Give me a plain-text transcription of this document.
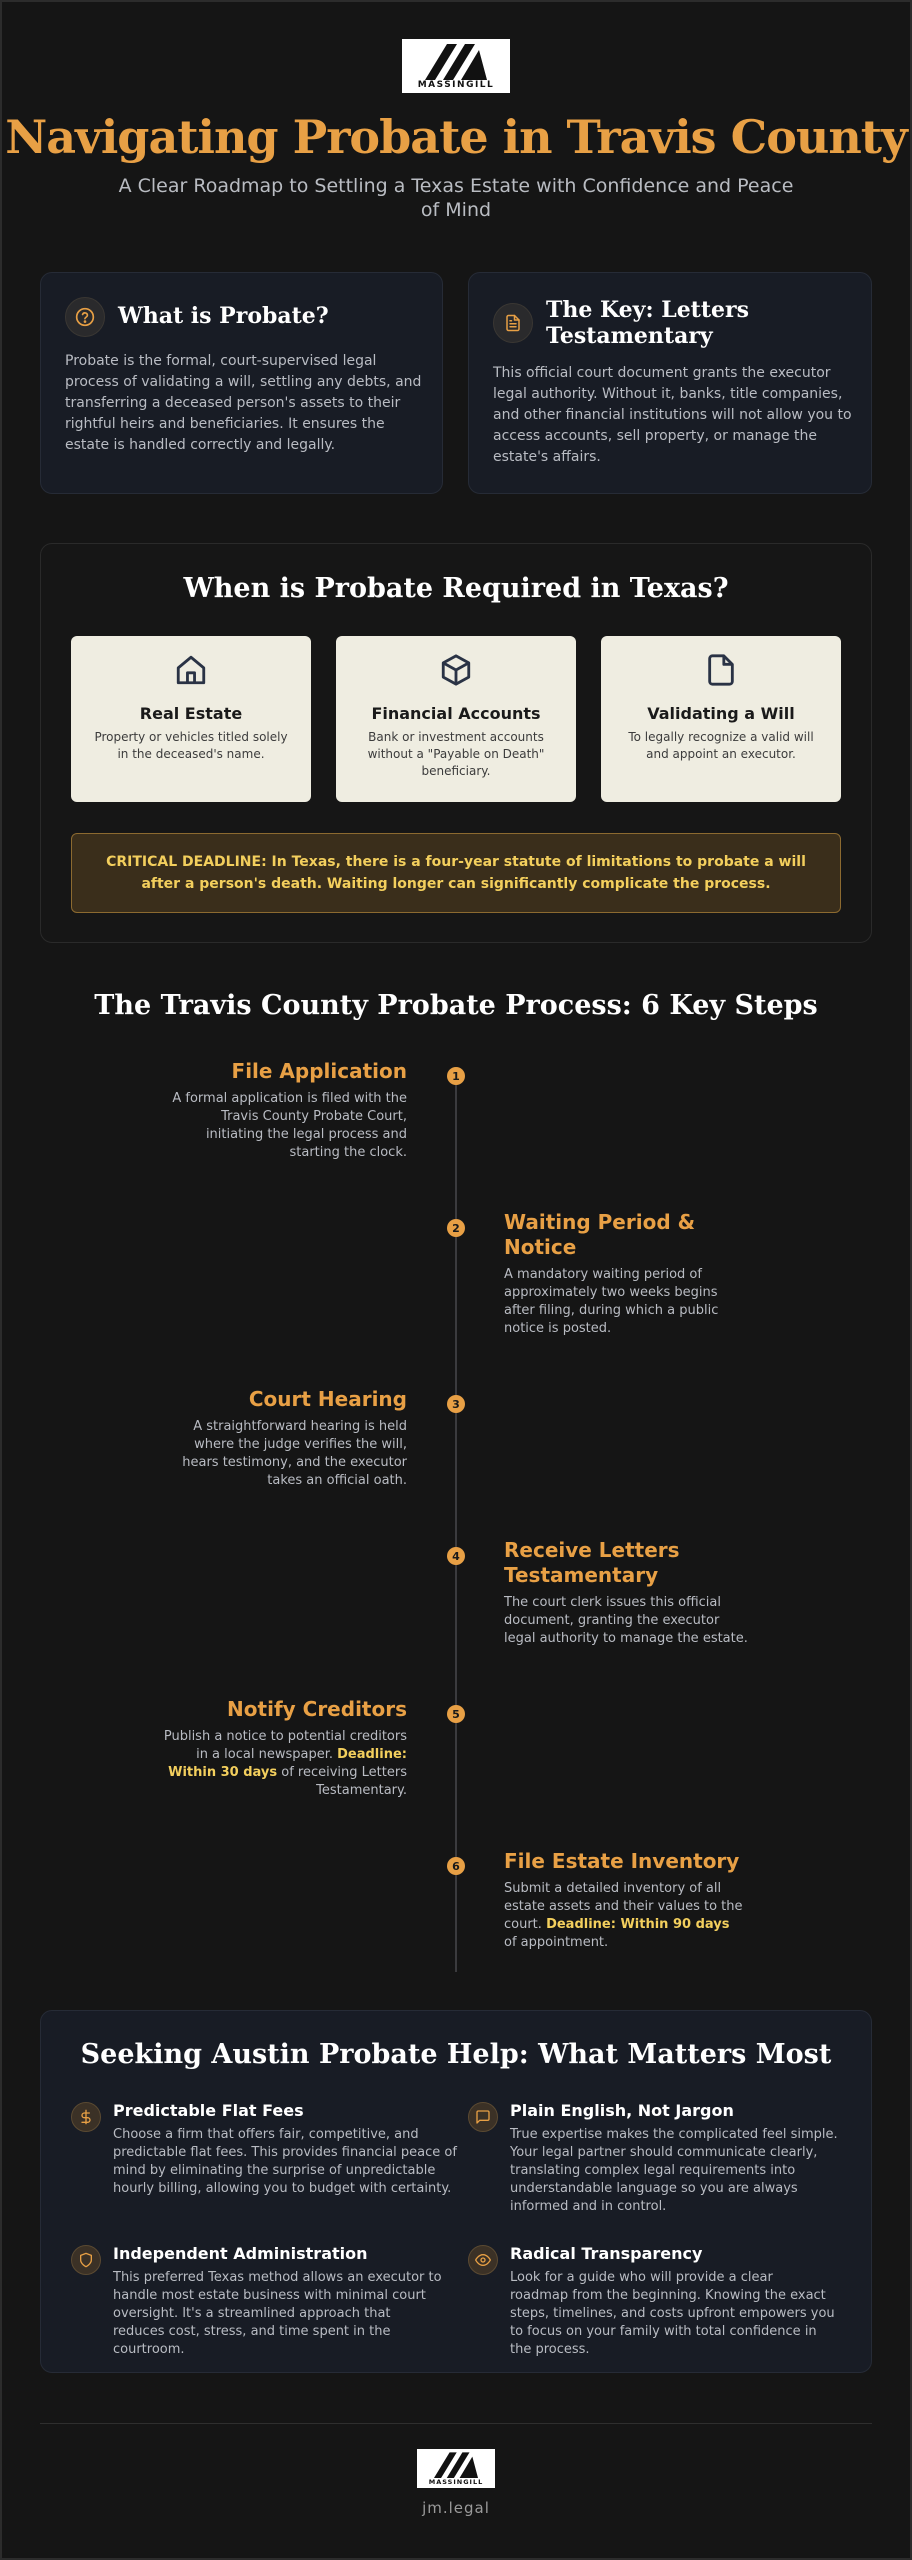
MASSINGILL
Navigating Probate in Travis County
A Clear Roadmap to Settling a Texas Estate with Confidence and Peace of Mind
What is Probate?
Probate is the formal, court-supervised legal process of validating a will, settling any debts, and transferring a deceased person's assets to their rightful heirs and beneficiaries. It ensures the estate is handled correctly and legally.
The Key: Letters Testamentary
This official court document grants the executor legal authority. Without it, banks, title companies, and other financial institutions will not allow you to access accounts, sell property, or manage the estate's affairs.
When is Probate Required in Texas?
Real Estate
Property or vehicles titled solely in the deceased's name.
Financial Accounts
Bank or investment accounts without a "Payable on Death" beneficiary.
Validating a Will
To legally recognize a valid will and appoint an executor.
CRITICAL DEADLINE: In Texas, there is a four-year statute of limitations to probate a will after a person's death. Waiting longer can significantly complicate the process.
The Travis County Probate Process: 6 Key Steps
1
File Application
A formal application is filed with the Travis County Probate Court, initiating the legal process and starting the clock.
2 Waiting Period & Notice
A mandatory waiting period of approximately two weeks begins after filing, during which a public notice is posted.
3
Court Hearing
A straightforward hearing is held where the judge verifies the will, hears testimony, and the executor takes an official oath.
4 Receive Letters Testamentary
The court clerk issues this official document, granting the executor legal authority to manage the estate.
5
Notify Creditors
Publish a notice to potential creditors in a local newspaper. Deadline: Within 30 days of receiving Letters Testamentary.
6 File Estate Inventory
Submit a detailed inventory of all estate assets and their values to the court. Deadline: Within 90 days of appointment.
Seeking Austin Probate Help: What Matters Most
Predictable Flat Fees
Choose a firm that offers fair, competitive, and predictable flat fees. This provides financial peace of mind by eliminating the surprise of unpredictable hourly billing, allowing you to budget with certainty.
Plain English, Not Jargon
True expertise makes the complicated feel simple. Your legal partner should communicate clearly, translating complex legal requirements into understandable language so you are always informed and in control.
Independent Administration
This preferred Texas method allows an executor to handle most estate business with minimal court oversight. It's a streamlined approach that reduces cost, stress, and time spent in the courtroom.
Radical Transparency
Look for a guide who will provide a clear roadmap from the beginning. Knowing the exact steps, timelines, and costs upfront empowers you to focus on your family with total confidence in the process.
MASSINGILL
jm.legal
